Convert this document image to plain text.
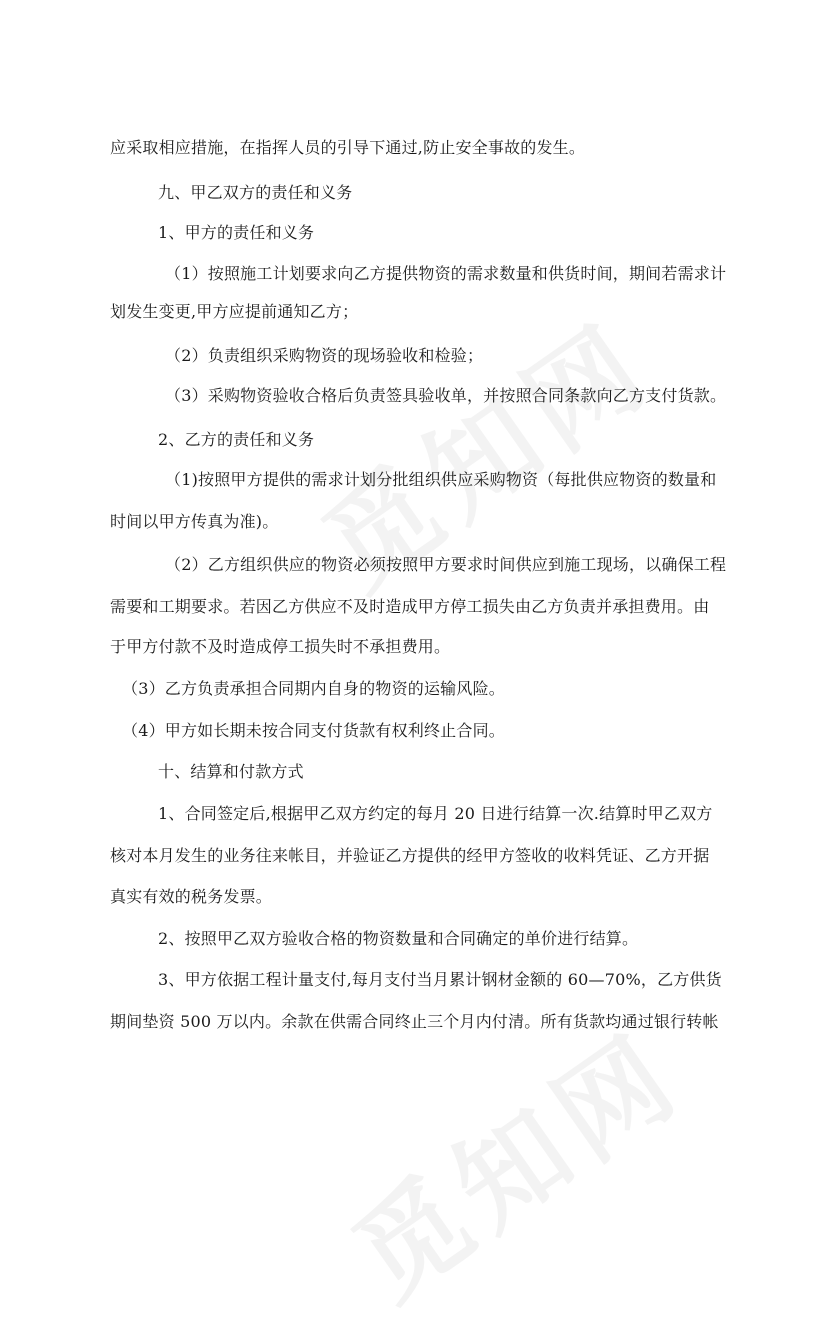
应采取相应措施，在指挥人员的引导下通过,防止安全事故的发生。

九、甲乙双方的责任和义务

1、甲方的责任和义务

（1）按照施工计划要求向乙方提供物资的需求数量和供货时间，期间若需求计

划发生变更,甲方应提前通知乙方；

（2）负责组织采购物资的现场验收和检验；

（3）采购物资验收合格后负责签具验收单，并按照合同条款向乙方支付货款。

2、乙方的责任和义务

（1)按照甲方提供的需求计划分批组织供应采购物资（每批供应物资的数量和

时间以甲方传真为准)。

（2）乙方组织供应的物资必须按照甲方要求时间供应到施工现场，以确保工程

需要和工期要求。若因乙方供应不及时造成甲方停工损失由乙方负责并承担费用。由

于甲方付款不及时造成停工损失时不承担费用。

（3）乙方负责承担合同期内自身的物资的运输风险。

（4）甲方如长期未按合同支付货款有权利终止合同。

十、结算和付款方式

1、合同签定后,根据甲乙双方约定的每月 20 日进行结算一次.结算时甲乙双方

核对本月发生的业务往来帐目，并验证乙方提供的经甲方签收的收料凭证、乙方开据

真实有效的税务发票。

2、按照甲乙双方验收合格的物资数量和合同确定的单价进行结算。

3、甲方依据工程计量支付,每月支付当月累计钢材金额的 60—70%，乙方供货

期间垫资 500 万以内。余款在供需合同终止三个月内付清。所有货款均通过银行转帐
